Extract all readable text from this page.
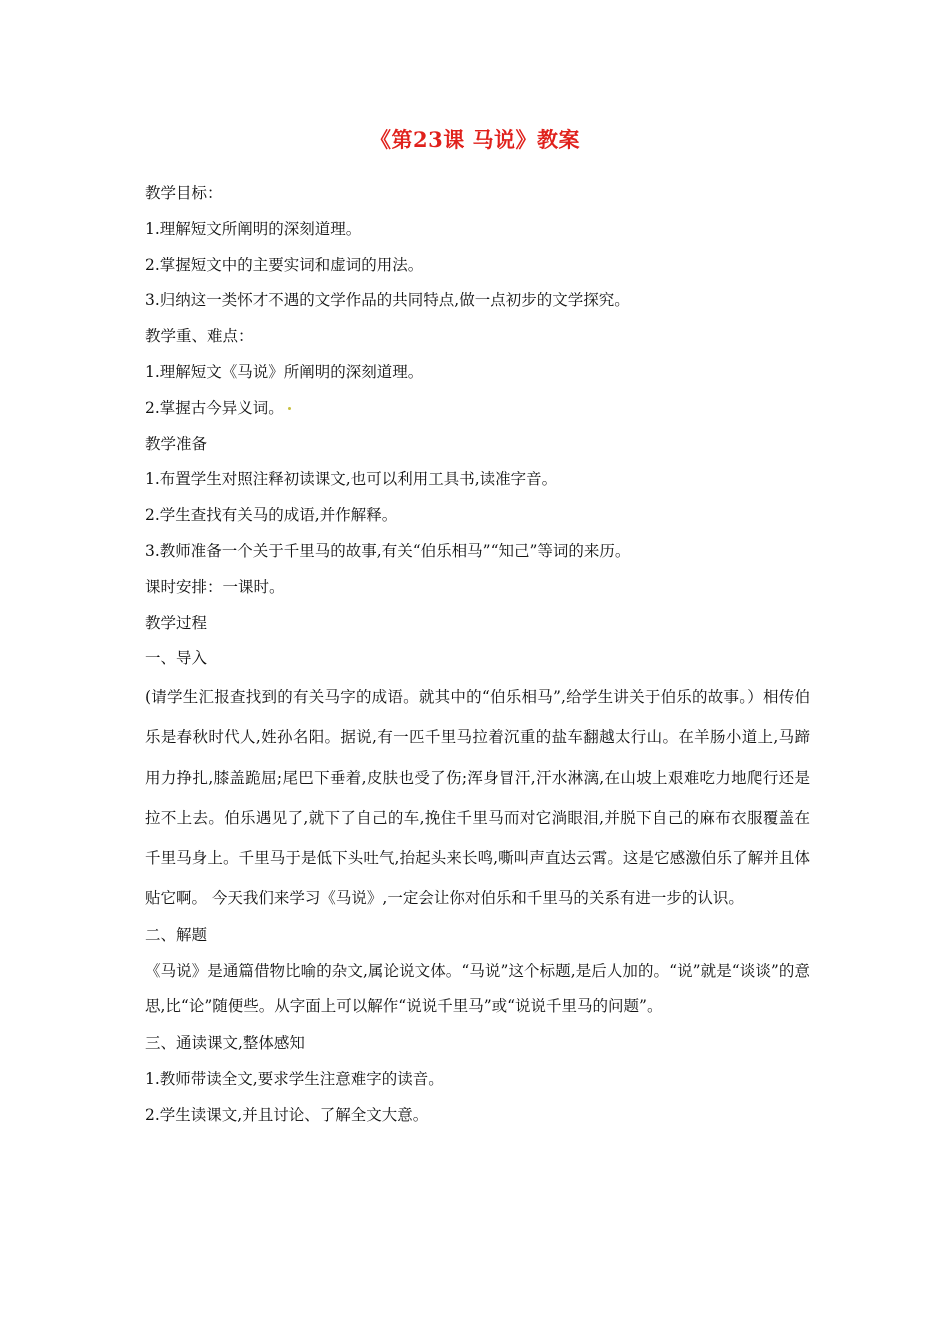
《第23课 马说》教案
教学目标：
1.理解短文所阐明的深刻道理。
2.掌握短文中的主要实词和虚词的用法。
3.归纳这一类怀才不遇的文学作品的共同特点,做一点初步的文学探究。
教学重、难点：
1.理解短文《马说》所阐明的深刻道理。
2.掌握古今异义词。
教学准备
1.布置学生对照注释初读课文,也可以利用工具书,读准字音。
2.学生查找有关马的成语,并作解释。
3.教师准备一个关于千里马的故事,有关“伯乐相马”“知己”等词的来历。
课时安排：一课时。
教学过程
一、导入

(请学生汇报查找到的有关马字的成语。就其中的“伯乐相马”,给学生讲关于伯乐的故事。）相传伯乐是春秋时代人,姓孙名阳。据说,有一匹千里马拉着沉重的盐车翻越太行山。在羊肠小道上,马蹄用力挣扎,膝盖跪屈;尾巴下垂着,皮肤也受了伤;浑身冒汗,汗水淋漓,在山坡上艰难吃力地爬行还是拉不上去。伯乐遇见了,就下了自己的车,挽住千里马而对它淌眼泪,并脱下自己的麻布衣服覆盖在千里马身上。千里马于是低下头吐气,抬起头来长鸣,嘶叫声直达云霄。这是它感激伯乐了解并且体贴它啊。 今天我们来学习《马说》,一定会让你对伯乐和千里马的关系有进一步的认识。

二、解题

《马说》是通篇借物比喻的杂文,属论说文体。“马说”这个标题,是后人加的。“说”就是“谈谈”的意思,比“论”随便些。从字面上可以解作“说说千里马”或“说说千里马的问题”。

三、通读课文,整体感知
1.教师带读全文,要求学生注意难字的读音。
2.学生读课文,并且讨论、了解全文大意。
